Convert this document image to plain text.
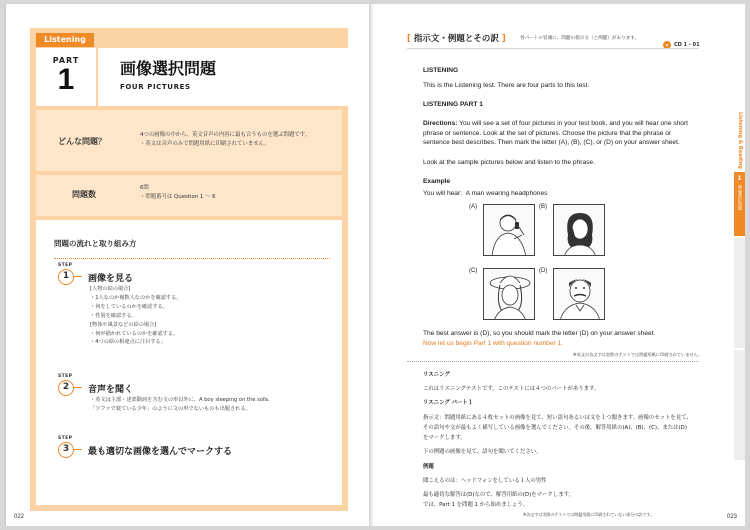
Listening
PART
1	画像選択問題
FOUR PICTURES
どんな問題？
4つの画像の中から、英文音声の内容に最も合うものを選ぶ問題です。
・英文は音声のみで問題用紙に印刷されていません。
問題数
6問
・問題番号は Question 1 ～ 6
問題の流れと取り組み方
STEP
1	画像を見る
[人物の絵の場合]
・1人なのか複数人なのかを確認する。
・何をしているのかを確認する。
・性別を確認する。
[物体や風景などの絵の場合]
・何が描かれているのかを確認する。
・4つの絵の相違点に注目する。
STEP
2	音声を聞く
・英文は主部・述部動詞を含む文の形以外に、A boy sleeping on the sofa.
「ソファで寝ている少年」のように文の形でないものも出題される。
STEP
3	最も適切な画像を選んでマークする
022
[ 指示文・例題とその訳 ]	各パートの冒頭に、問題の指示文（と例題）があります。
CD 1 - 01
LISTENING
This is the Listening test. There are four parts to this test.
LISTENING PART 1
Directions: You will see a set of four pictures in your test book, and you will hear one short phrase or sentence. Look at the set of pictures. Choose the picture that the phrase or sentence best describes. Then mark the letter (A), (B), (C), or (D) on your answer sheet.
Look at the sample pictures below and listen to the phrase.
Example
You will hear: A man wearing headphones
(A)	(B)
(C)	(D)
The best answer is (D), so you should mark the letter (D) on your answer sheet.
Now let us begin Part 1 with question number 1.
※英文の各文字は実際のテストでは問題用紙に印刷されていません。
リスニング
これはリスニングテストです。このテストには４つのパートがあります。
リスニング パート１
指示文：問題用紙にある４枚セットの画像を見て、短い語句あるいは文を１つ聞きます。画像のセットを見て、
その語句や文が最もよく描写している画像を選んでください。その後、解答用紙の(A)、(B)、(C)、または(D)
をマークします。
下の例題の画像を見て、語句を聞いてください。
例題
聞こえるのは：ヘッドフォンをしている１人の男性
最も適切な解答は(D)なので、解答用紙の(D)をマークします。
では、Part 1 を問題 1 から始めましょう。
※各文字は実際のテストでは問題用紙に印刷されていない部分の訳です。
Listening & Reading
1
画像選択問題
023
